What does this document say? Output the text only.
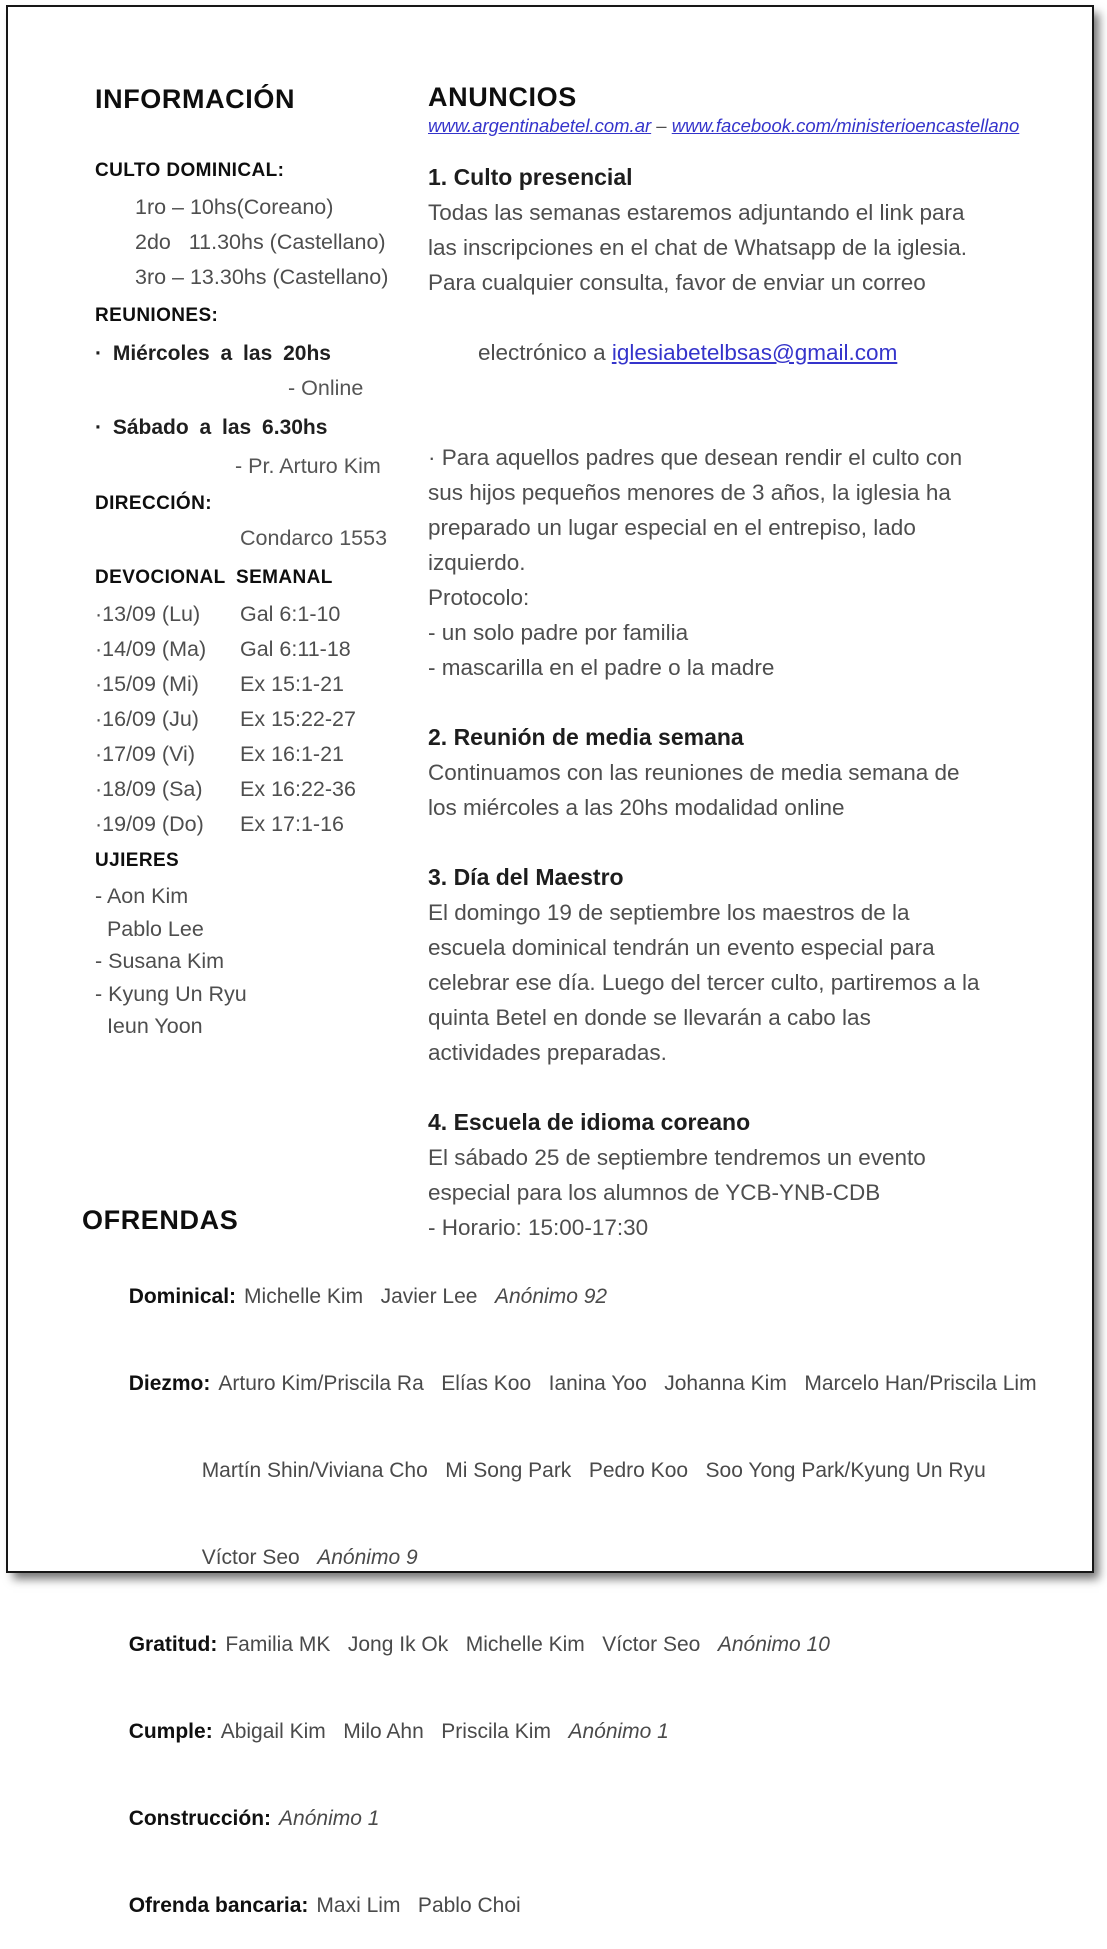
INFORMACIÓN
CULTO DOMINICAL:
1ro – 10hs(Coreano)
2do   11.30hs (Castellano)
3ro – 13.30hs (Castellano)
REUNIONES:
· Miércoles a las 20hs
- Online
· Sábado a las 6.30hs
- Pr. Arturo Kim
DIRECCIÓN:
Condarco 1553
DEVOCIONAL SEMANAL
·13/09 (Lu)	Gal 6:1-10
·14/09 (Ma)	Gal 6:11-18
·15/09 (Mi)	Ex 15:1-21
·16/09 (Ju)	Ex 15:22-27
·17/09 (Vi)	Ex 16:1-21
·18/09 (Sa)	Ex 16:22-36
·19/09 (Do)	Ex 17:1-16
UJIERES
- Aon Kim
Pablo Lee
- Susana Kim
- Kyung Un Ryu
Ieun Yoon
ANUNCIOS
www.argentinabetel.com.ar – www.facebook.com/ministerioencastellano
1. Culto presencial
Todas las semanas estaremos adjuntando el link para
las inscripciones en el chat de Whatsapp de la iglesia.
Para cualquier consulta, favor de enviar un correo

electrónico a iglesiabetelbsas@gmail.com

· Para aquellos padres que desean rendir el culto con
sus hijos pequeños menores de 3 años, la iglesia ha
preparado un lugar especial en el entrepiso, lado
izquierdo.
Protocolo:
- un solo padre por familia
- mascarilla en el padre o la madre
2. Reunión de media semana
Continuamos con las reuniones de media semana de
los miércoles a las 20hs modalidad online
3. Día del Maestro
El domingo 19 de septiembre los maestros de la
escuela dominical tendrán un evento especial para
celebrar ese día. Luego del tercer culto, partiremos a la
quinta Betel en donde se llevarán a cabo las
actividades preparadas.
4. Escuela de idioma coreano
El sábado 25 de septiembre tendremos un evento
especial para los alumnos de YCB-YNB-CDB
- Horario: 15:00-17:30
OFRENDAS

Dominical: Michelle Kim   Javier Lee   Anónimo 92

Diezmo: Arturo Kim/Priscila Ra   Elías Koo   Ianina Yoo   Johanna Kim   Marcelo Han/Priscila Lim

Martín Shin/Viviana Cho   Mi Song Park   Pedro Koo   Soo Yong Park/Kyung Un Ryu

Víctor Seo   Anónimo 9

Gratitud: Familia MK   Jong Ik Ok   Michelle Kim   Víctor Seo   Anónimo 10

Cumple: Abigail Kim   Milo Ahn   Priscila Kim   Anónimo 1

Construcción: Anónimo 1

Ofrenda bancaria: Maxi Lim   Pablo Choi
